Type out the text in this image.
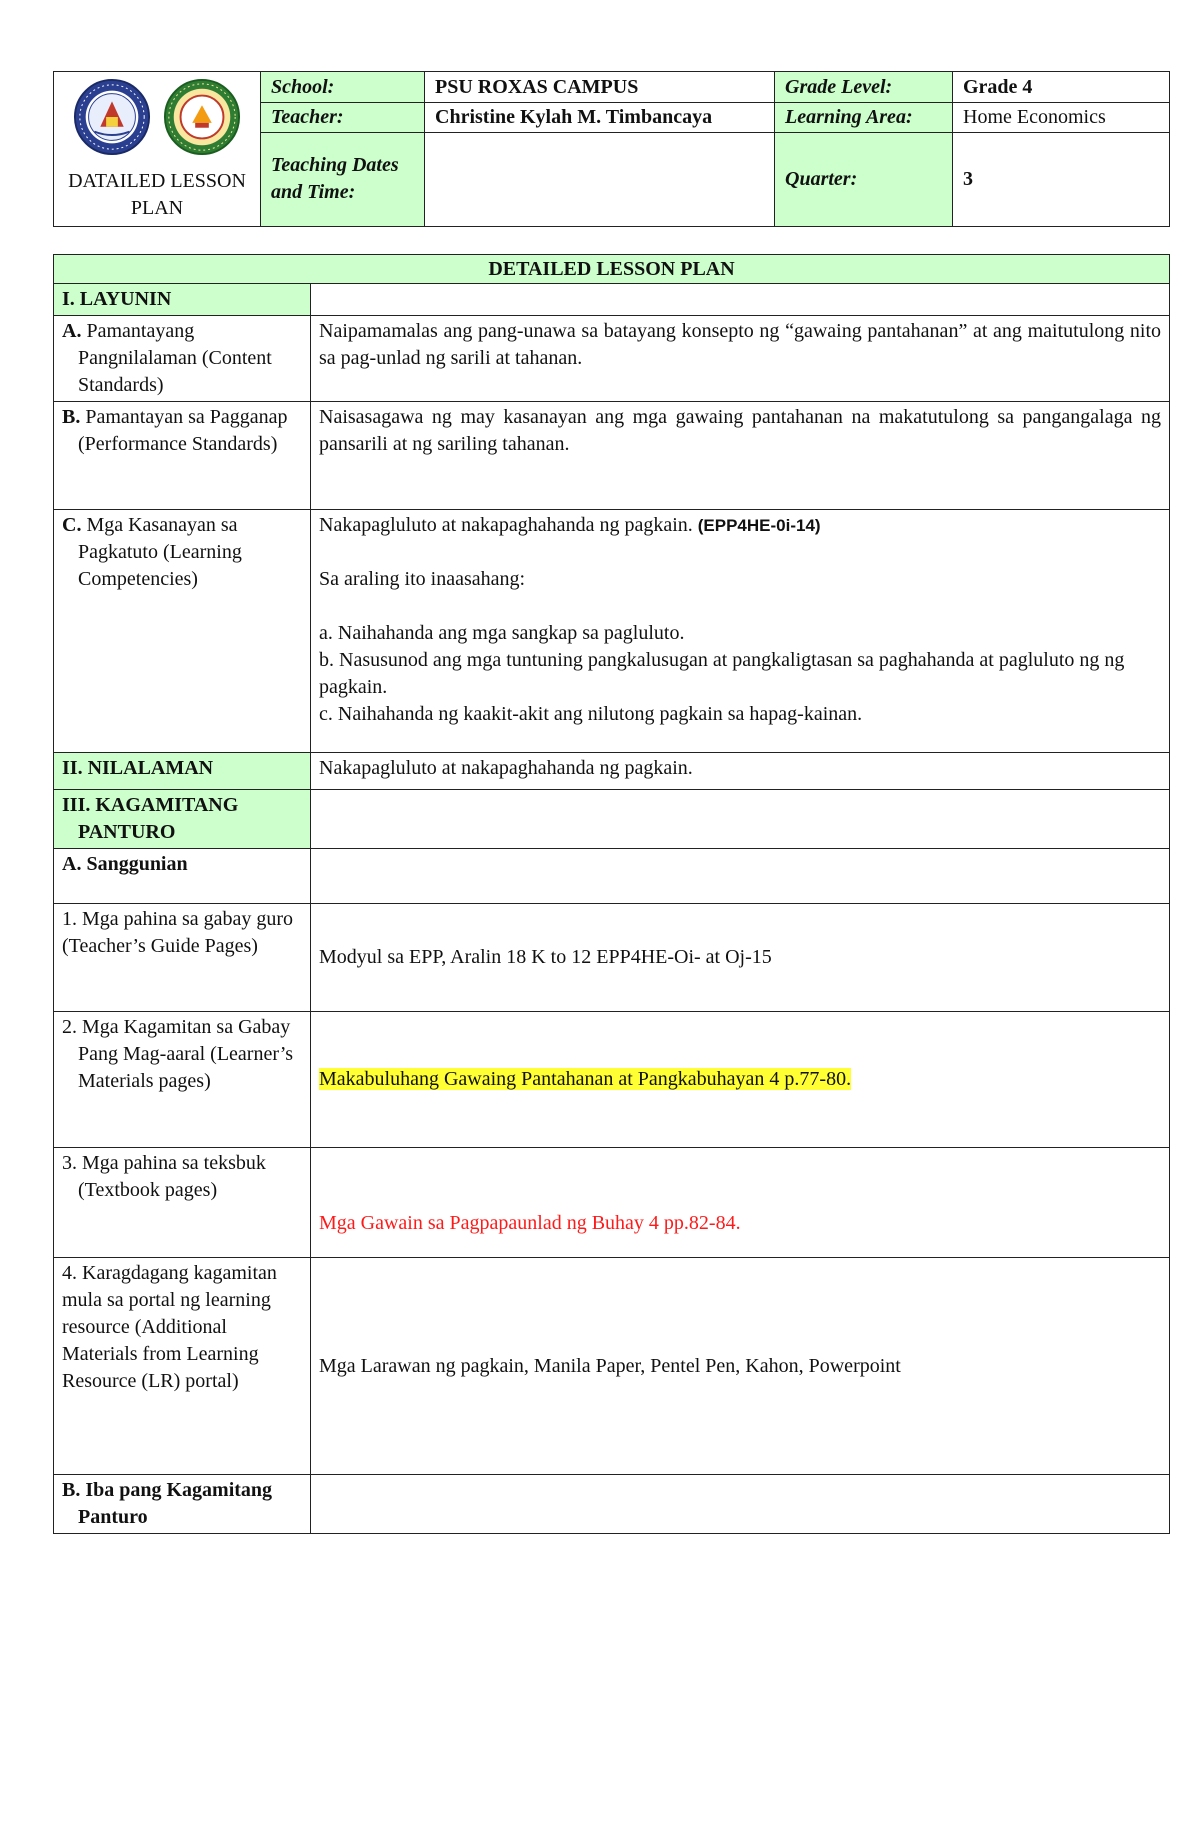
DATAILED LESSON PLAN	School:	PSU ROXAS CAMPUS	Grade Level:	Grade 4
	Teacher:	Christine Kylah M. Timbancaya	Learning Area:	Home Economics
	Teaching Dates and Time:		Quarter:	3
DETAILED LESSON PLAN	
I. LAYUNIN	

A. Pamantayang Pangnilalaman (Content Standards)	Naipamamalas ang pang-unawa sa batayang konsepto ng “gawaing pantahanan” at ang maitutulong nito sa pag-unlad ng sarili at tahanan.

B. Pamantayan sa Pagganap (Performance Standards)	Naisasagawa ng may kasanayan ang mga gawaing pantahanan na makatutulong sa pangangalaga ng pansarili at ng sariling tahanan.

C. Mga Kasanayan sa Pagkatuto (Learning Competencies)	Nakapagluluto at nakapaghahanda ng pagkain. (EPP4HE-0i-14)

Sa araling ito inaasahang:

a. Naihahanda ang mga sangkap sa pagluluto.

b. Nasusunod ang mga tuntuning pangkalusugan at pangkaligtasan sa paghahanda at pagluluto ng ng pagkain.

c. Naihahanda ng kaakit-akit ang nilutong pagkain sa hapag-kainan.

II. NILALAMAN	Nakapagluluto at nakapaghahanda ng pagkain.

III. KAGAMITANG PANTURO	

A. Sanggunian	
1. Mga pahina sa gabay guro (Teacher’s Guide Pages)	Modyul sa EPP, Aralin 18 K to 12 EPP4HE-Oi- at Oj-15

2. Mga Kagamitan sa Gabay Pang Mag-aaral (Learner’s Materials pages)	Makabuluhang Gawaing Pantahanan at Pangkabuhayan 4 p.77-80.

3. Mga pahina sa teksbuk (Textbook pages)	Mga Gawain sa Pagpapaunlad ng Buhay 4 pp.82-84.
4. Karagdagang kagamitan mula sa portal ng learning resource (Additional Materials from Learning Resource (LR) portal)	Mga Larawan ng pagkain, Manila Paper, Pentel Pen, Kahon, Powerpoint

B. Iba pang Kagamitang Panturo	
